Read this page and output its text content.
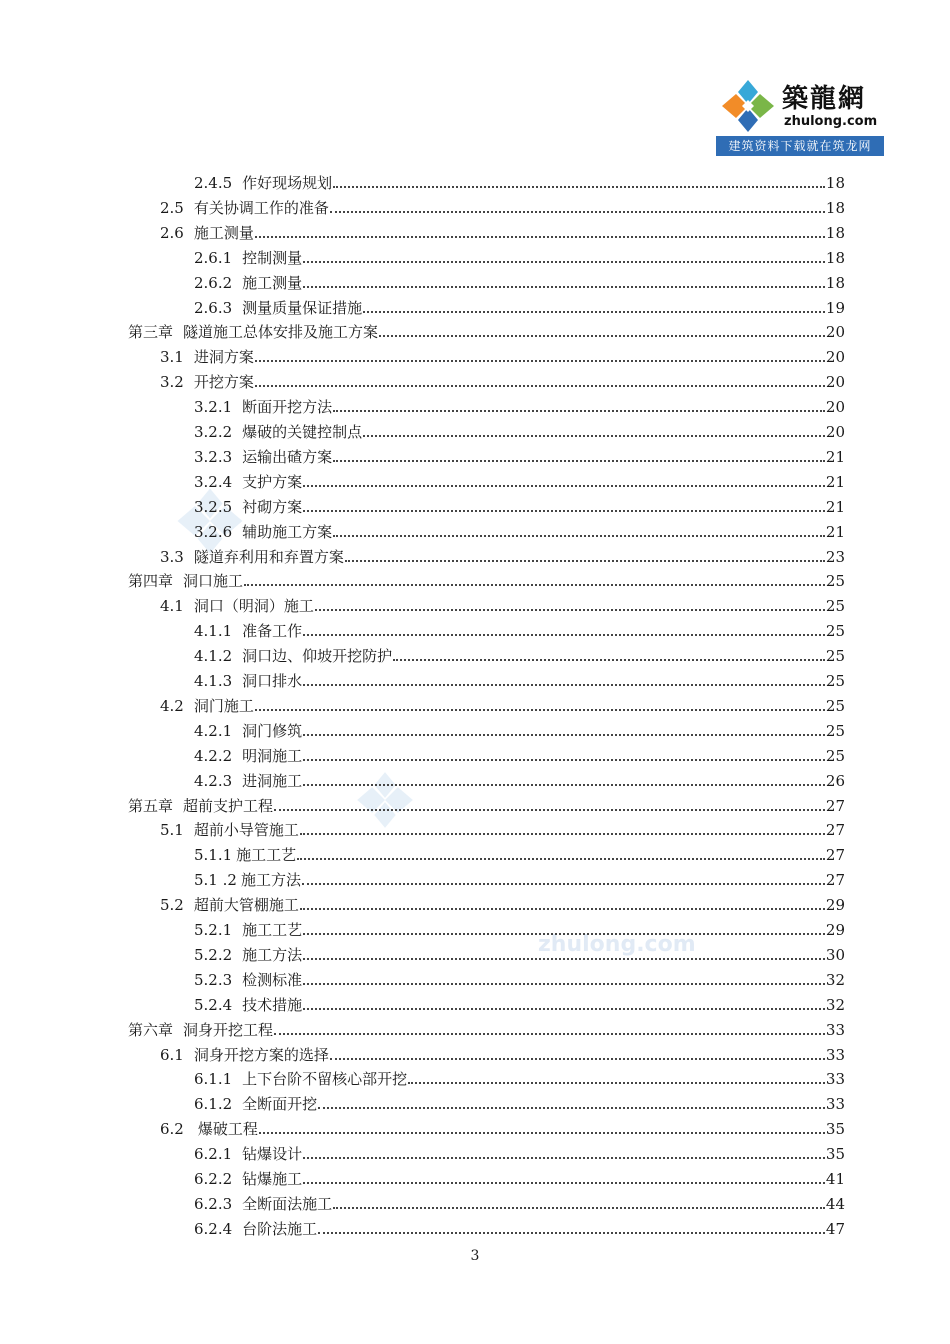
築龍網
zhulong.com
建筑资料下载就在筑龙网
zhulong.com
2.4.5 作好现场规划	18
2.5 有关协调工作的准备	18
2.6 施工测量	18
2.6.1 控制测量	18
2.6.2 施工测量	18
2.6.3 测量质量保证措施	19
第三章 隧道施工总体安排及施工方案	20
3.1 进洞方案	20
3.2 开挖方案	20
3.2.1 断面开挖方法	20
3.2.2 爆破的关键控制点	20
3.2.3 运输出碴方案	21
3.2.4 支护方案	21
3.2.5 衬砌方案	21
3.2.6 辅助施工方案	21
3.3 隧道弃利用和弃置方案	23
第四章 洞口施工	25
4.1 洞口（明洞）施工	25
4.1.1 准备工作	25
4.1.2 洞口边、仰坡开挖防护	25
4.1.3 洞口排水	25
4.2 洞门施工	25
4.2.1 洞门修筑	25
4.2.2 明洞施工	25
4.2.3 进洞施工	26
第五章 超前支护工程	27
5.1 超前小导管施工	27
5.1.1 施工工艺	27
5.1 .2 施工方法	27
5.2 超前大管棚施工	29
5.2.1 施工工艺	29
5.2.2 施工方法	30
5.2.3 检测标准	32
5.2.4 技术措施	32
第六章 洞身开挖工程	33
6.1 洞身开挖方案的选择	33
6.1.1 上下台阶不留核心部开挖	33
6.1.2 全断面开挖	33
6.2 爆破工程	35
6.2.1 钻爆设计	35
6.2.2 钻爆施工	41
6.2.3 全断面法施工	44
6.2.4 台阶法施工	47
3
